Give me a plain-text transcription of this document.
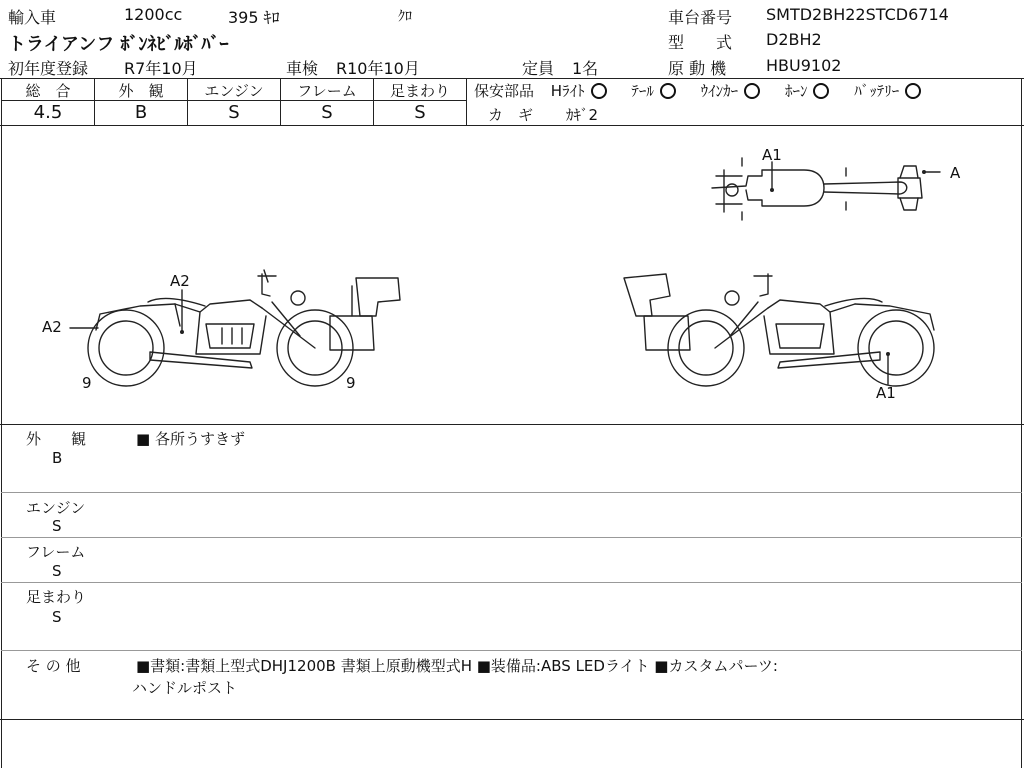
輸入車	1200cc	395 ｷﾛ	ｸﾛ
トライアンフ ﾎﾞﾝﾈﾋﾞﾙﾎﾞﾊﾞｰ
初年度登録 R7年10月	車検 R10年10月	定員 1名
車台番号 SMTD2BH22STCD6714
型　　式 D2BH2
原 動 機 HBU9102
総　合
4.5
外　観
B
エンジン
S
フレーム
S
足まわり
S
保安部品 Hﾗｲﾄ	ﾃｰﾙ	ｳｲﾝｶｰ	ﾎｰﾝ	ﾊﾞｯﾃﾘｰ
カ　ギ ｶｷﾞ2
A1
A
A2
A2
9	9
A1
外　　観
B
■ 各所うすきず
エンジン
S
フレーム
S
足まわり
S
そ の 他	■書類:書類上型式DHJ1200B 書類上原動機型式H ■装備品:ABS LEDライト ■カスタムパーツ:
ハンドルポスト
